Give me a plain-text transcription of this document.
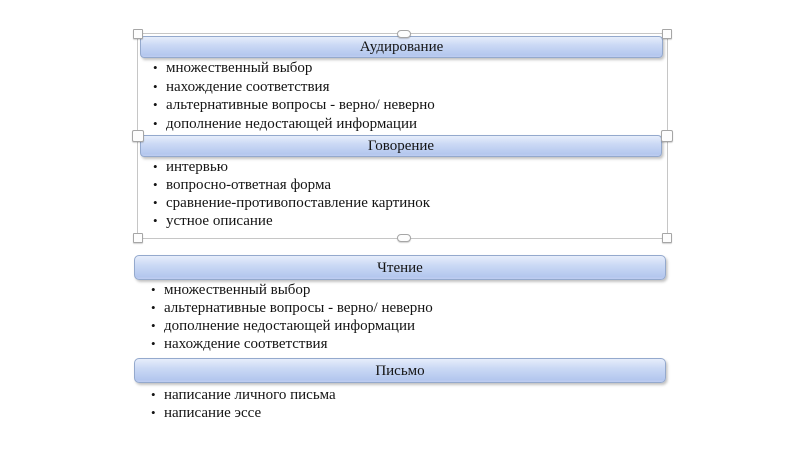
Аудирование
• множественный выбор
• нахождение соответствия
• альтернативные вопросы - верно/ неверно
• дополнение недостающей информации
Говорение
• интервью
• вопросно-ответная форма
• сравнение-противопоставление картинок
• устное описание
Чтение
• множественный выбор
• альтернативные вопросы - верно/ неверно
• дополнение недостающей информации
• нахождение соответствия
Письмо
• написание личного письма
• написание эссе
